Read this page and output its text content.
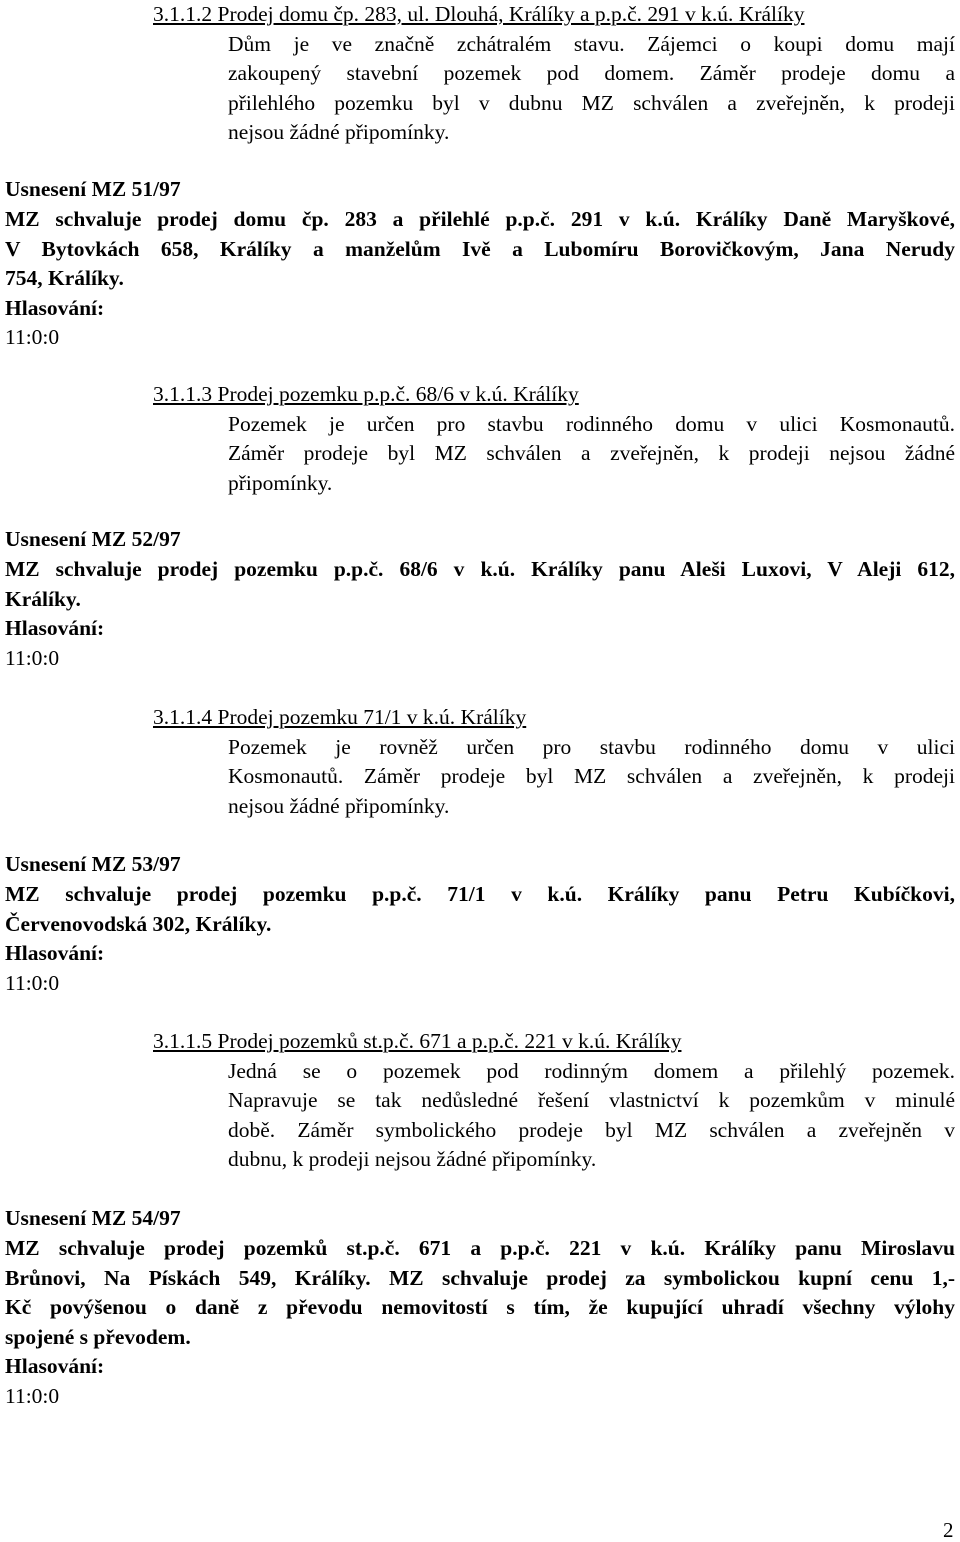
3.1.1.2 Prodej domu čp. 283, ul. Dlouhá, Králíky a p.p.č. 291 v k.ú. Králíky
Dům je ve značně zchátralém stavu. Zájemci o koupi domu mají
zakoupený stavební pozemek pod domem. Záměr prodeje domu a
přilehlého pozemku byl v dubnu MZ schválen a zveřejněn, k prodeji
nejsou žádné připomínky.
Usnesení MZ 51/97
MZ schvaluje prodej domu čp. 283 a přilehlé p.p.č. 291 v k.ú. Králíky Daně Maryškové,
V Bytovkách 658, Králíky a manželům Ivě a Lubomíru Borovičkovým, Jana Nerudy
754, Králíky.
Hlasování:
11:0:0
3.1.1.3 Prodej pozemku p.p.č. 68/6 v k.ú. Králíky
Pozemek je určen pro stavbu rodinného domu v ulici Kosmonautů.
Záměr prodeje byl MZ schválen a zveřejněn, k prodeji nejsou žádné
připomínky.
Usnesení MZ 52/97
MZ schvaluje prodej pozemku p.p.č. 68/6 v k.ú. Králíky panu Aleši Luxovi, V Aleji 612,
Králíky.
Hlasování:
11:0:0
3.1.1.4 Prodej pozemku 71/1 v k.ú. Králíky
Pozemek je rovněž určen pro stavbu rodinného domu v ulici
Kosmonautů. Záměr prodeje byl MZ schválen a zveřejněn, k prodeji
nejsou žádné připomínky.
Usnesení MZ 53/97
MZ schvaluje prodej pozemku p.p.č. 71/1 v k.ú. Králíky panu Petru Kubíčkovi,
Červenovodská 302, Králíky.
Hlasování:
11:0:0
3.1.1.5 Prodej pozemků st.p.č. 671 a p.p.č. 221 v k.ú. Králíky
Jedná se o pozemek pod rodinným domem a přilehlý pozemek.
Napravuje se tak nedůsledné řešení vlastnictví k pozemkům v minulé
době. Záměr symbolického prodeje byl MZ schválen a zveřejněn v
dubnu, k prodeji nejsou žádné připomínky.
Usnesení MZ 54/97
MZ schvaluje prodej pozemků st.p.č. 671 a p.p.č. 221 v k.ú. Králíky panu Miroslavu
Brůnovi, Na Pískách 549, Králíky. MZ schvaluje prodej za symbolickou kupní cenu 1,-
Kč povýšenou o daně z převodu nemovitostí s tím, že kupující uhradí všechny výlohy
spojené s převodem.
Hlasování:
11:0:0
2
